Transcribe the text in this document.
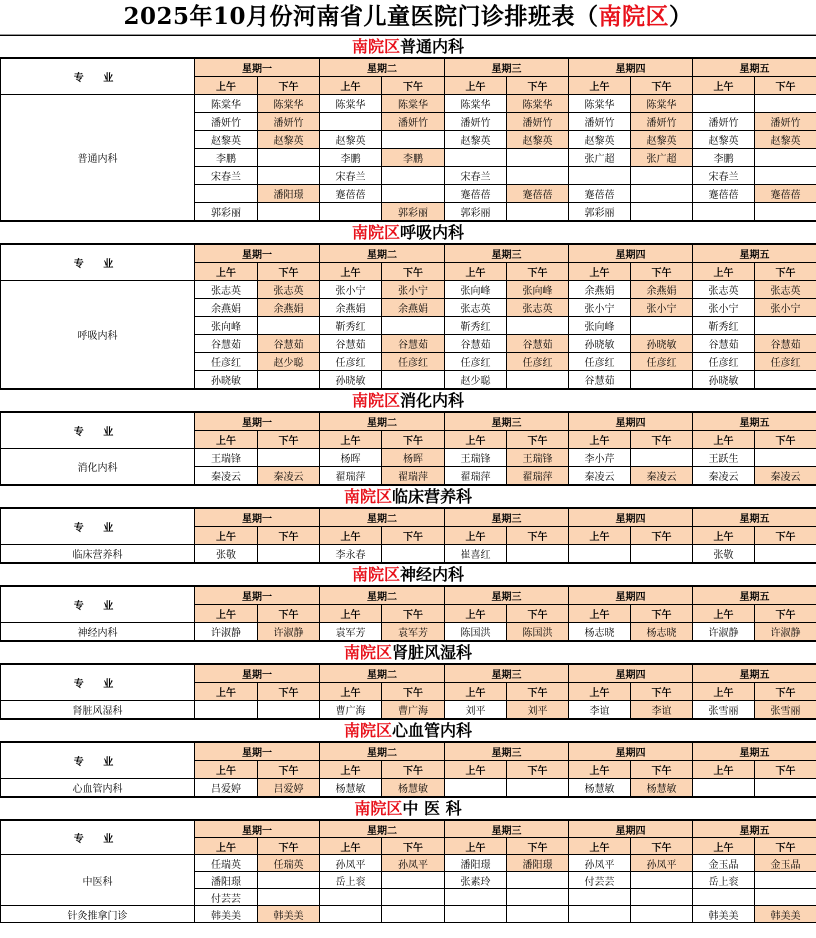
2025年10月份河南省儿童医院门诊排班表（南院区）
南院区普通内科
专 业	星期一		星期二		星期三		星期四		星期五	
	上午	下午	上午	下午	上午	下午	上午	下午	上午	下午
普通内科	陈棠华	陈棠华	陈棠华	陈棠华	陈棠华	陈棠华	陈棠华	陈棠华		
	潘妍竹	潘妍竹		潘妍竹	潘妍竹	潘妍竹	潘妍竹	潘妍竹	潘妍竹	潘妍竹
	赵黎英	赵黎英	赵黎英		赵黎英	赵黎英	赵黎英	赵黎英	赵黎英	赵黎英
	李鹏		李鹏	李鹏			张广超	张广超	李鹏	
	宋春兰		宋春兰		宋春兰				宋春兰	
		潘阳璟	蹇蓓蓓		蹇蓓蓓	蹇蓓蓓	蹇蓓蓓		蹇蓓蓓	蹇蓓蓓
	郭彩丽			郭彩丽	郭彩丽		郭彩丽			
南院区呼吸内科
专 业	星期一		星期二		星期三		星期四		星期五	
	上午	下午	上午	下午	上午	下午	上午	下午	上午	下午
呼吸内科	张志英	张志英	张小宁	张小宁	张向峰	张向峰	余燕娟	余燕娟	张志英	张志英
	余燕娟	余燕娟	余燕娟	余燕娟	张志英	张志英	张小宁	张小宁	张小宁	张小宁
	张向峰		靳秀红		靳秀红		张向峰		靳秀红	
	谷慧茹	谷慧茹	谷慧茹	谷慧茹	谷慧茹	谷慧茹	孙晓敏	孙晓敏	谷慧茹	谷慧茹
	任彦红	赵少聪	任彦红	任彦红	任彦红	任彦红	任彦红	任彦红	任彦红	任彦红
	孙晓敏		孙晓敏		赵少聪		谷慧茹		孙晓敏	
南院区消化内科
专 业	星期一		星期二		星期三		星期四		星期五	
	上午	下午	上午	下午	上午	下午	上午	下午	上午	下午
消化内科	王瑞锋		杨晖	杨晖	王瑞锋	王瑞锋	李小芹		王跃生	
	秦凌云	秦凌云	翟瑞萍	翟瑞萍	翟瑞萍	翟瑞萍	秦凌云	秦凌云	秦凌云	秦凌云
南院区临床营养科
专 业	星期一		星期二		星期三		星期四		星期五	
	上午	下午	上午	下午	上午	下午	上午	下午	上午	下午
临床营养科	张敬		李永春		崔喜红				张敬	
南院区神经内科
专 业	星期一		星期二		星期三		星期四		星期五	
	上午	下午	上午	下午	上午	下午	上午	下午	上午	下午
神经内科	许淑静	许淑静	袁军芳	袁军芳	陈国洪	陈国洪	杨志晓	杨志晓	许淑静	许淑静
南院区肾脏风湿科
专 业	星期一		星期二		星期三		星期四		星期五	
	上午	下午	上午	下午	上午	下午	上午	下午	上午	下午
肾脏风湿科			曹广海	曹广海	刘平	刘平	李谊	李谊	张雪丽	张雪丽
南院区心血管内科
专 业	星期一		星期二		星期三		星期四		星期五	
	上午	下午	上午	下午	上午	下午	上午	下午	上午	下午
心血管内科	吕爱婷	吕爱婷	杨慧敏	杨慧敏			杨慧敏	杨慧敏		
南院区中 医 科
专 业	星期一		星期二		星期三		星期四		星期五	
	上午	下午	上午	下午	上午	下午	上午	下午	上午	下午
中医科	任瑞英	任瑞英	孙凤平	孙凤平	潘阳璟	潘阳璟	孙凤平	孙凤平	金玉晶	金玉晶
	潘阳璟		岳上衮		张素玲		付芸芸		岳上衮	
	付芸芸									
针灸推拿门诊	韩美美	韩美美							韩美美	韩美美
